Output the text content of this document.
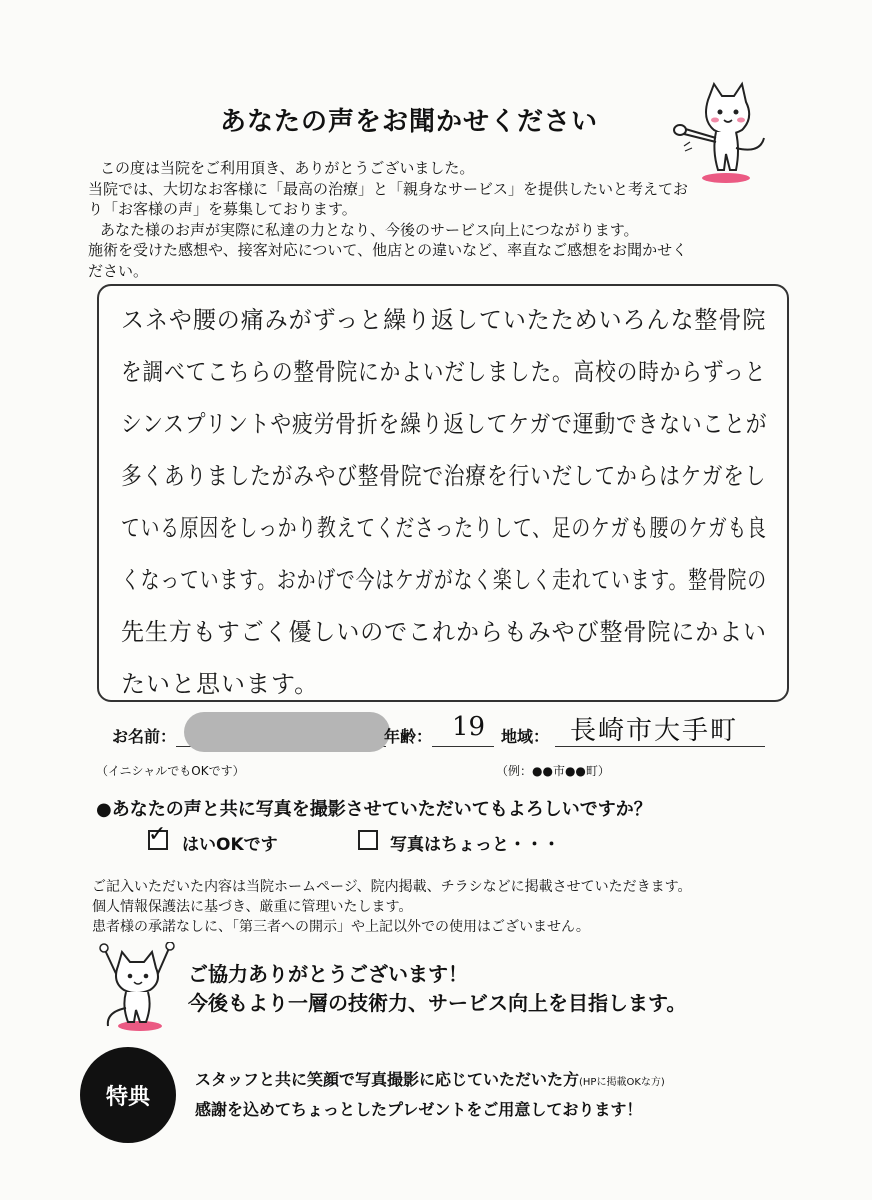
あなたの声をお聞かせください
この度は当院をご利用頂き、ありがとうございました。
当院では、大切なお客様に「最高の治療」と「親身なサービス」を提供したいと考えてお
り「お客様の声」を募集しております。
あなた様のお声が実際に私達の力となり、今後のサービス向上につながります。
施術を受けた感想や、接客対応について、他店との違いなど、率直なご感想をお聞かせく
ださい。
スネや腰の痛みがずっと繰り返していたためいろんな整骨院
を調べてこちらの整骨院にかよいだしました。高校の時からずっと
シンスプリントや疲労骨折を繰り返してケガで運動できないことが
多くありましたがみやび整骨院で治療を行いだしてからはケガをし
ている原因をしっかり教えてくださったりして、足のケガも腰のケガも良
くなっています。おかげで今はケガがなく楽しく走れています。整骨院の
先生方もすごく優しいのでこれからもみやび整骨院にかよい
たいと思います。
お名前：	年齢： 19 地域： 長崎市大手町
（イニシャルでもOKです）	（例：●●市●●町）
●あなたの声と共に写真を撮影させていただいてもよろしいですか？
✓ はいOKです	写真はちょっと・・・
ご記入いただいた内容は当院ホームページ、院内掲載、チラシなどに掲載させていただきます。
個人情報保護法に基づき、厳重に管理いたします。
患者様の承諾なしに、「第三者への開示」や上記以外での使用はございません。
ご協力ありがとうございます！
今後もより一層の技術力、サービス向上を目指します。
特典
スタッフと共に笑顔で写真撮影に応じていただいた方(HPに掲載OKな方)
感謝を込めてちょっとしたプレゼントをご用意しております！
